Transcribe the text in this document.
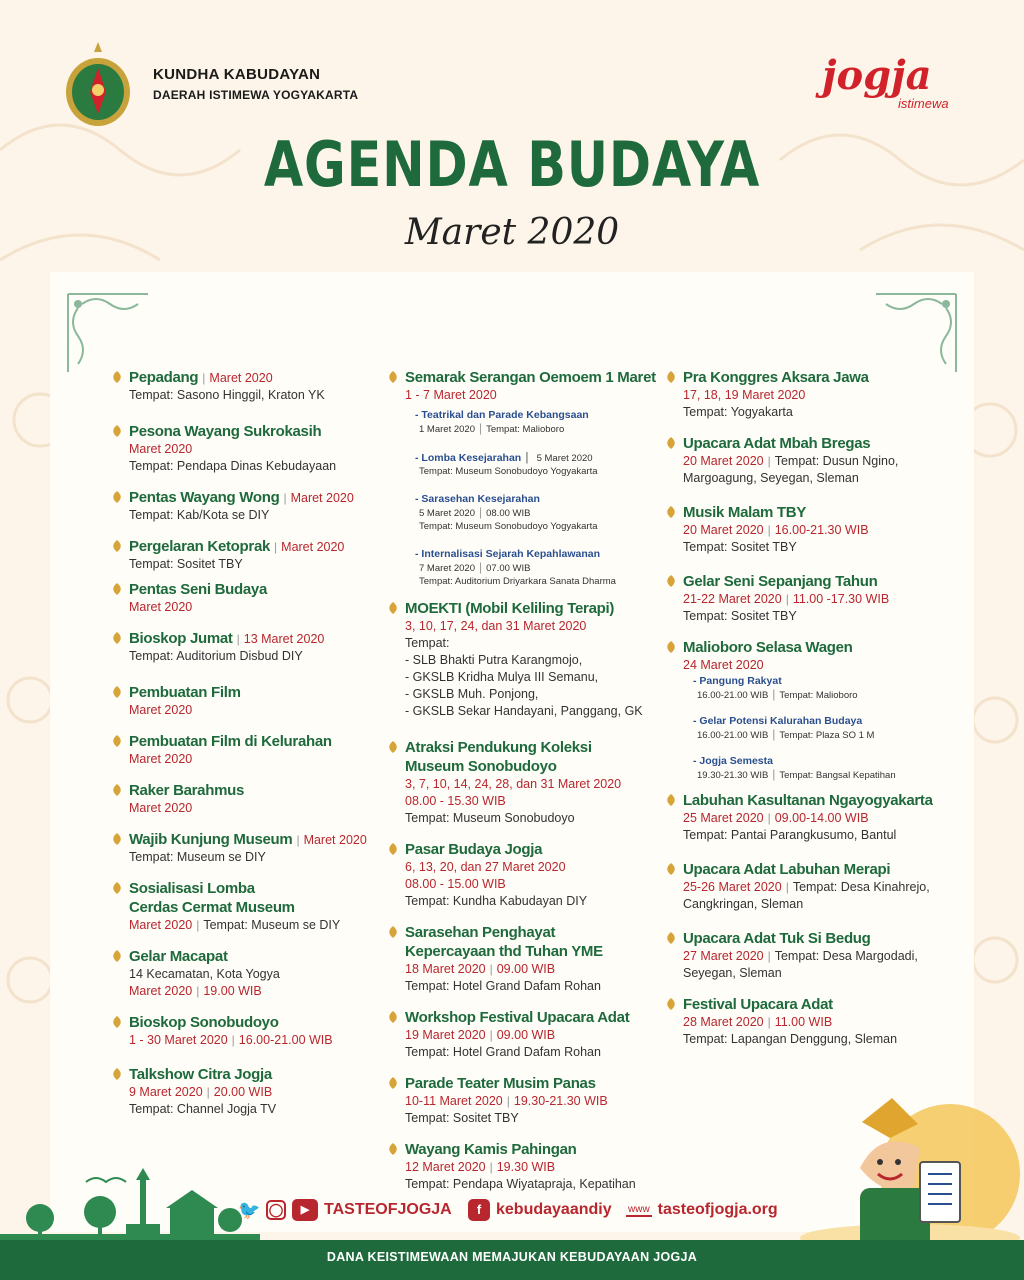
KUNDHA KABUDAYAN
DAERAH ISTIMEWA YOGYAKARTA	jogja
istimewa
AGENDA BUDAYA
Maret 2020
Pepadang | Maret 2020
Tempat: Sasono Hinggil, Kraton YK
Pesona Wayang Sukrokasih
Maret 2020
Tempat: Pendapa Dinas Kebudayaan
Pentas Wayang Wong | Maret 2020
Tempat: Kab/Kota se DIY
Pergelaran Ketoprak | Maret 2020
Tempat: Sositet TBY
Pentas Seni Budaya
Maret 2020
Bioskop Jumat | 13 Maret 2020
Tempat: Auditorium Disbud DIY
Pembuatan Film
Maret 2020
Pembuatan Film di Kelurahan
Maret 2020
Raker Barahmus
Maret 2020
Wajib Kunjung Museum | Maret 2020
Tempat: Museum se DIY
Sosialisasi Lomba
Cerdas Cermat Museum
Maret 2020 | Tempat: Museum se DIY
Gelar Macapat
14 Kecamatan, Kota Yogya
Maret 2020 | 19.00 WIB
Bioskop Sonobudoyo
1 - 30 Maret 2020 | 16.00-21.00 WIB
Talkshow Citra Jogja
9 Maret 2020 | 20.00 WIB
Tempat: Channel Jogja TV
Semarak Serangan Oemoem 1 Maret
1 - 7 Maret 2020
- Teatrikal dan Parade Kebangsaan
1 Maret 2020 | Tempat: Malioboro
- Lomba Kesejarahan | 5 Maret 2020
Tempat: Museum Sonobudoyo Yogyakarta
- Sarasehan Kesejarahan
5 Maret 2020 | 08.00 WIB
Tempat: Museum Sonobudoyo Yogyakarta
- Internalisasi Sejarah Kepahlawanan
7 Maret 2020 | 07.00 WIB
Tempat: Auditorium Driyarkara Sanata Dharma
MOEKTI (Mobil Keliling Terapi)
3, 10, 17, 24, dan 31 Maret 2020
Tempat:
- SLB Bhakti Putra Karangmojo,
- GKSLB Kridha Mulya III Semanu,
- GKSLB Muh. Ponjong,
- GKSLB Sekar Handayani, Panggang, GK
Atraksi Pendukung Koleksi
Museum Sonobudoyo
3, 7, 10, 14, 24, 28, dan 31 Maret 2020
08.00 - 15.30 WIB
Tempat: Museum Sonobudoyo
Pasar Budaya Jogja
6, 13, 20, dan 27 Maret 2020
08.00 - 15.00 WIB
Tempat: Kundha Kabudayan DIY
Sarasehan Penghayat
Kepercayaan thd Tuhan YME
18 Maret 2020 | 09.00 WIB
Tempat: Hotel Grand Dafam Rohan
Workshop Festival Upacara Adat
19 Maret 2020 | 09.00 WIB
Tempat: Hotel Grand Dafam Rohan
Parade Teater Musim Panas
10-11 Maret 2020 | 19.30-21.30 WIB
Tempat: Sositet TBY
Wayang Kamis Pahingan
12 Maret 2020 | 19.30 WIB
Tempat: Pendapa Wiyatapraja, Kepatihan
Pra Konggres Aksara Jawa
17, 18, 19 Maret 2020
Tempat: Yogyakarta
Upacara Adat Mbah Bregas
20 Maret 2020 | Tempat: Dusun Ngino,
Margoagung, Seyegan, Sleman
Musik Malam TBY
20 Maret 2020 | 16.00-21.30 WIB
Tempat: Sositet TBY
Gelar Seni Sepanjang Tahun
21-22 Maret 2020 | 11.00 -17.30 WIB
Tempat: Sositet TBY
Malioboro Selasa Wagen
24 Maret 2020
- Pangung Rakyat
16.00-21.00 WIB | Tempat: Malioboro
- Gelar Potensi Kalurahan Budaya
16.00-21.00 WIB | Tempat: Plaza SO 1 M
- Jogja Semesta
19.30-21.30 WIB | Tempat: Bangsal Kepatihan
Labuhan Kasultanan Ngayogyakarta
25 Maret 2020 | 09.00-14.00 WIB
Tempat: Pantai Parangkusumo, Bantul
Upacara Adat Labuhan Merapi
25-26 Maret 2020 | Tempat: Desa Kinahrejo,
Cangkringan, Sleman
Upacara Adat Tuk Si Bedug
27 Maret 2020 | Tempat: Desa Margodadi,
Seyegan, Sleman
Festival Upacara Adat
28 Maret 2020 | 11.00 WIB
Tempat: Lapangan Denggung, Sleman
🐦 ◯	▶ TASTEOFJOGJA	f kebudayaandiy www tasteofjogja.org
DANA KEISTIMEWAAN MEMAJUKAN KEBUDAYAAN JOGJA
